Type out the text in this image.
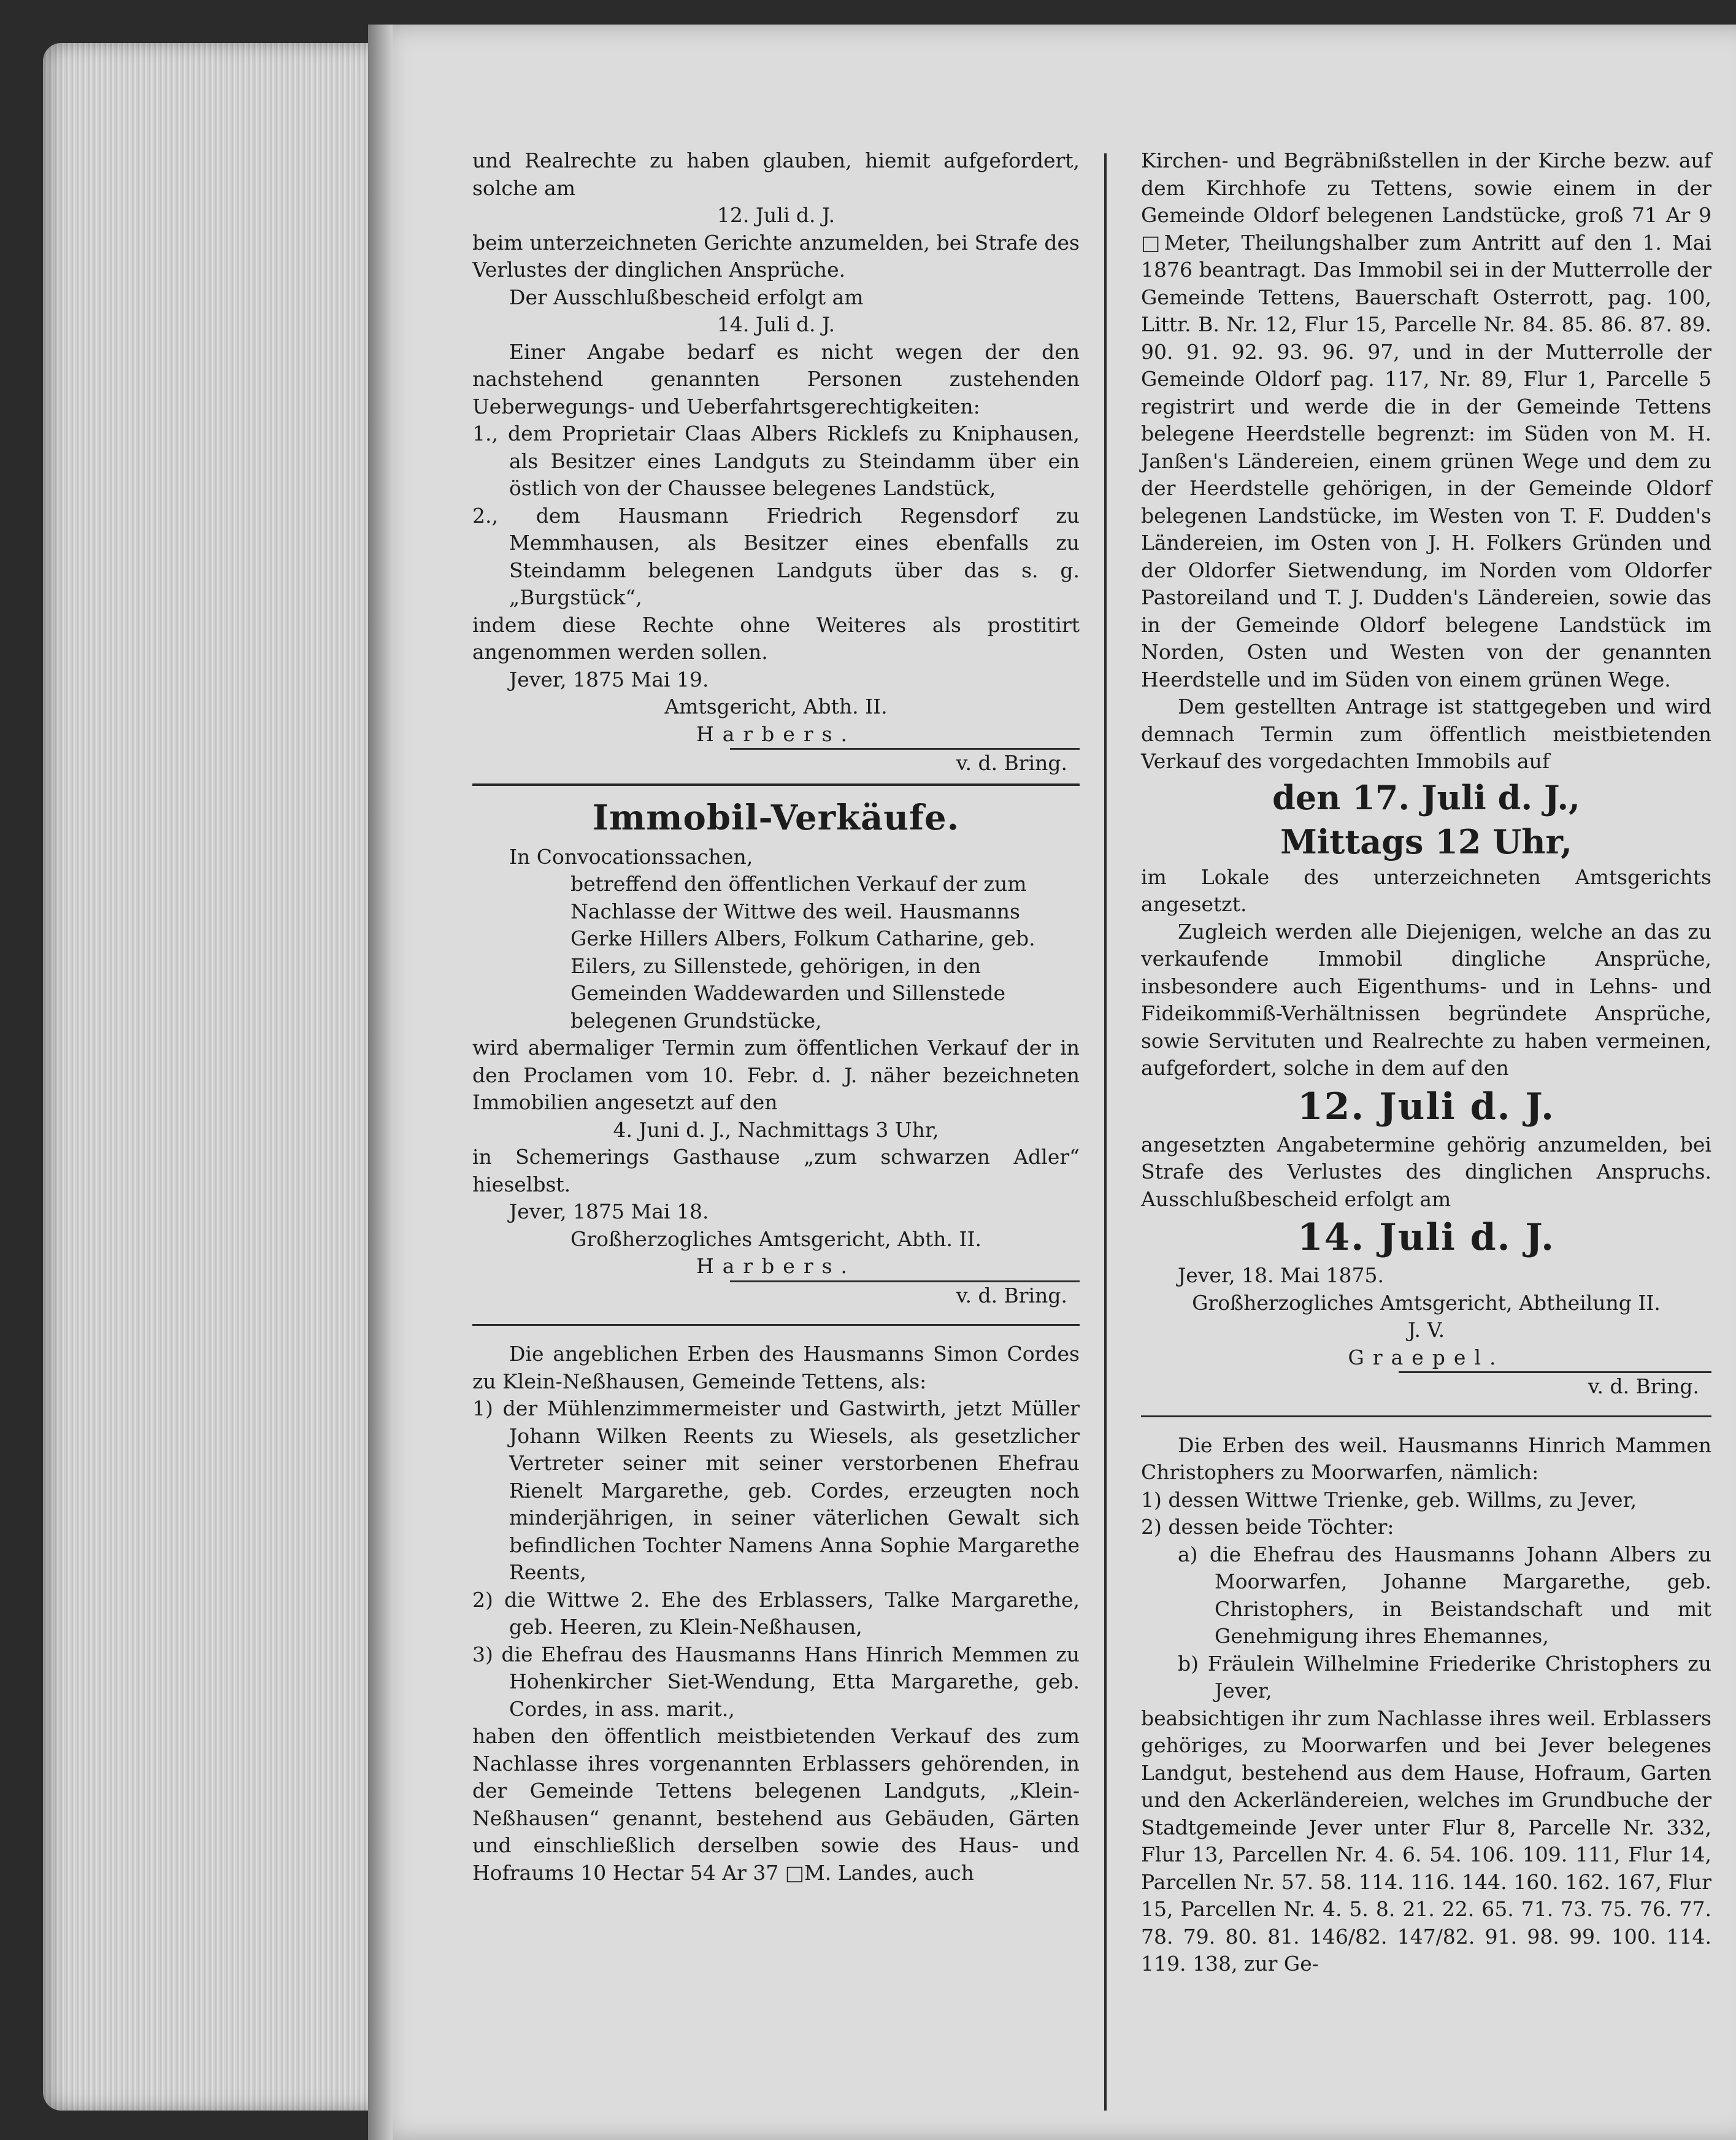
und Realrechte zu haben glauben, hiemit aufgefordert, solche am

12. Juli d. J.

beim unterzeichneten Gerichte anzumelden, bei Strafe des Verlustes der dinglichen Ansprüche.

Der Ausschlußbescheid erfolgt am

14. Juli d. J.

Einer Angabe bedarf es nicht wegen der den nachstehend genannten Personen zustehenden Ueberwegungs- und Ueberfahrtsgerechtigkeiten:

1., dem Proprietair Claas Albers Ricklefs zu Kniphausen, als Besitzer eines Landguts zu Steindamm über ein östlich von der Chaussee belegenes Landstück,

2., dem Hausmann Friedrich Regensdorf zu Memmhausen, als Besitzer eines ebenfalls zu Steindamm belegenen Landguts über das s. g. „Burgstück“,

indem diese Rechte ohne Weiteres als prostitirt angenommen werden sollen.

Jever, 1875 Mai 19.

Amtsgericht, Abth. II.

Harbers.

v. d. Bring.

Immobil-Verkäufe.

In Convocationssachen,

betreffend den öffentlichen Verkauf der zum Nachlasse der Wittwe des weil. Hausmanns Gerke Hillers Albers, Folkum Catharine, geb. Eilers, zu Sillenstede, gehörigen, in den Gemeinden Waddewarden und Sillenstede belegenen Grundstücke,

wird abermaliger Termin zum öffentlichen Verkauf der in den Proclamen vom 10. Febr. d. J. näher bezeichneten Immobilien angesetzt auf den

4. Juni d. J., Nachmittags 3 Uhr,

in Schemerings Gasthause „zum schwarzen Adler“ hieselbst.

Jever, 1875 Mai 18.

Großherzogliches Amtsgericht, Abth. II.

Harbers.

v. d. Bring.

Die angeblichen Erben des Hausmanns Simon Cordes zu Klein-Neßhausen, Gemeinde Tettens, als:

1) der Mühlenzimmermeister und Gastwirth, jetzt Müller Johann Wilken Reents zu Wiesels, als gesetzlicher Vertreter seiner mit seiner verstorbenen Ehefrau Rienelt Margarethe, geb. Cordes, erzeugten noch minderjährigen, in seiner väterlichen Gewalt sich befindlichen Tochter Namens Anna Sophie Margarethe Reents,

2) die Wittwe 2. Ehe des Erblassers, Talke Margarethe, geb. Heeren, zu Klein-Neßhausen,

3) die Ehefrau des Hausmanns Hans Hinrich Memmen zu Hohenkircher Siet-Wendung, Etta Margarethe, geb. Cordes, in ass. marit.,

haben den öffentlich meistbietenden Verkauf des zum Nachlasse ihres vorgenannten Erblassers gehörenden, in der Gemeinde Tettens belegenen Landguts, „Klein-Neßhausen“ genannt, bestehend aus Gebäuden, Gärten und einschließlich derselben sowie des Haus- und Hofraums 10 Hectar 54 Ar 37 □M. Landes, auch

Kirchen- und Begräbnißstellen in der Kirche bezw. auf dem Kirchhofe zu Tettens, sowie einem in der Gemeinde Oldorf belegenen Landstücke, groß 71 Ar 9 □Meter, Theilungshalber zum Antritt auf den 1. Mai 1876 beantragt. Das Immobil sei in der Mutterrolle der Gemeinde Tettens, Bauerschaft Osterrott, pag. 100, Littr. B. Nr. 12, Flur 15, Parcelle Nr. 84. 85. 86. 87. 89. 90. 91. 92. 93. 96. 97, und in der Mutterrolle der Gemeinde Oldorf pag. 117, Nr. 89, Flur 1, Parcelle 5 registrirt und werde die in der Gemeinde Tettens belegene Heerdstelle begrenzt: im Süden von M. H. Janßen's Ländereien, einem grünen Wege und dem zu der Heerdstelle gehörigen, in der Gemeinde Oldorf belegenen Landstücke, im Westen von T. F. Dudden's Ländereien, im Osten von J. H. Folkers Gründen und der Oldorfer Sietwendung, im Norden vom Oldorfer Pastoreiland und T. J. Dudden's Ländereien, sowie das in der Gemeinde Oldorf belegene Landstück im Norden, Osten und Westen von der genannten Heerdstelle und im Süden von einem grünen Wege.

Dem gestellten Antrage ist stattgegeben und wird demnach Termin zum öffentlich meistbietenden Verkauf des vorgedachten Immobils auf

den 17. Juli d. J.,

Mittags 12 Uhr,

im Lokale des unterzeichneten Amtsgerichts angesetzt.

Zugleich werden alle Diejenigen, welche an das zu verkaufende Immobil dingliche Ansprüche, insbesondere auch Eigenthums- und in Lehns- und Fideikommiß-Verhältnissen begründete Ansprüche, sowie Servituten und Realrechte zu haben vermeinen, aufgefordert, solche in dem auf den

12. Juli d. J.

angesetzten Angabetermine gehörig anzumelden, bei Strafe des Verlustes des dinglichen Anspruchs. Ausschlußbescheid erfolgt am

14. Juli d. J.

Jever, 18. Mai 1875.

Großherzogliches Amtsgericht, Abtheilung II.

J. V.

Graepel.

v. d. Bring.

Die Erben des weil. Hausmanns Hinrich Mammen Christophers zu Moorwarfen, nämlich:

1) dessen Wittwe Trienke, geb. Willms, zu Jever,

2) dessen beide Töchter:

a) die Ehefrau des Hausmanns Johann Albers zu Moorwarfen, Johanne Margarethe, geb. Christophers, in Beistandschaft und mit Genehmigung ihres Ehemannes,

b) Fräulein Wilhelmine Friederike Christophers zu Jever,

beabsichtigen ihr zum Nachlasse ihres weil. Erblassers gehöriges, zu Moorwarfen und bei Jever belegenes Landgut, bestehend aus dem Hause, Hofraum, Garten und den Ackerländereien, welches im Grundbuche der Stadtgemeinde Jever unter Flur 8, Parcelle Nr. 332, Flur 13, Parcellen Nr. 4. 6. 54. 106. 109. 111, Flur 14, Parcellen Nr. 57. 58. 114. 116. 144. 160. 162. 167, Flur 15, Parcellen Nr. 4. 5. 8. 21. 22. 65. 71. 73. 75. 76. 77. 78. 79. 80. 81. 146/82. 147/82. 91. 98. 99. 100. 114. 119. 138, zur Ge-
